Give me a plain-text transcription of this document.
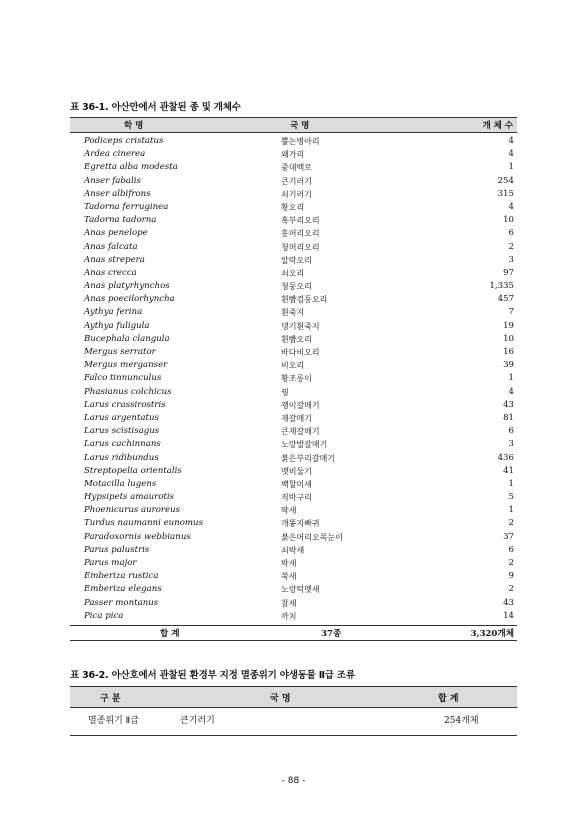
표 36-1. 아산만에서 관찰된 종 및 개체수
학 명	국 명	개 체 수
Podiceps cristatus	뿔논병아리	4
Ardea cinerea	왜가리	4
Egretta alba modesta	중대백로	1
Anser fabalis	큰기러기	254
Anser albifrons	쇠기러기	315
Tadorna ferruginea	황오리	4
Tadorna tadorna	혹부리오리	10
Anas penelope	홍머리오리	6
Anas falcata	청머리오리	2
Anas strepera	알락오리	3
Anas crecca	쇠오리	97
Anas platyrhynchos	청둥오리	1,335
Anas poecilorhyncha	흰뺨검둥오리	457
Aythya ferina	흰죽지	7
Aythya fuligula	댕기흰죽지	19
Bucephala clangula	흰뺨오리	10
Mergus serrator	바다비오리	16
Mergus merganser	비오리	39
Falco tinnunculus	황조롱이	1
Phasianus colchicus	꿩	4
Larus crassirostris	괭이갈매기	43
Larus argentatus	재갈매기	81
Larus scistisagus	큰재갈매기	6
Larus cachinnans	노랑발갈매기	3
Larus ridibundus	붉은부리갈매기	436
Streptopelia orientalis	멧비둘기	41
Motacilla lugens	백할미새	1
Hypsipets amaurotis	직박구리	5
Phoenicurus auroreus	딱새	1
Turdus naumanni eunomus	개똥지빠귀	2
Paradoxornis webbianus	붉은머리오목눈이	37
Parus palustris	쇠박새	6
Parus major	박새	2
Emberiza rustica	쑥새	9
Emberiza elegans	노랑턱멧새	2
Passer montanus	참새	43
Pica pica	까치	14
합 계	37종	3,320개체
표 36-2. 아산호에서 관찰된 환경부 지정 멸종위기 야생동물 Ⅱ급 조류
구 분	국 명	합 계
멸종위기 Ⅱ급	큰기러기	254개체
- 88 -
